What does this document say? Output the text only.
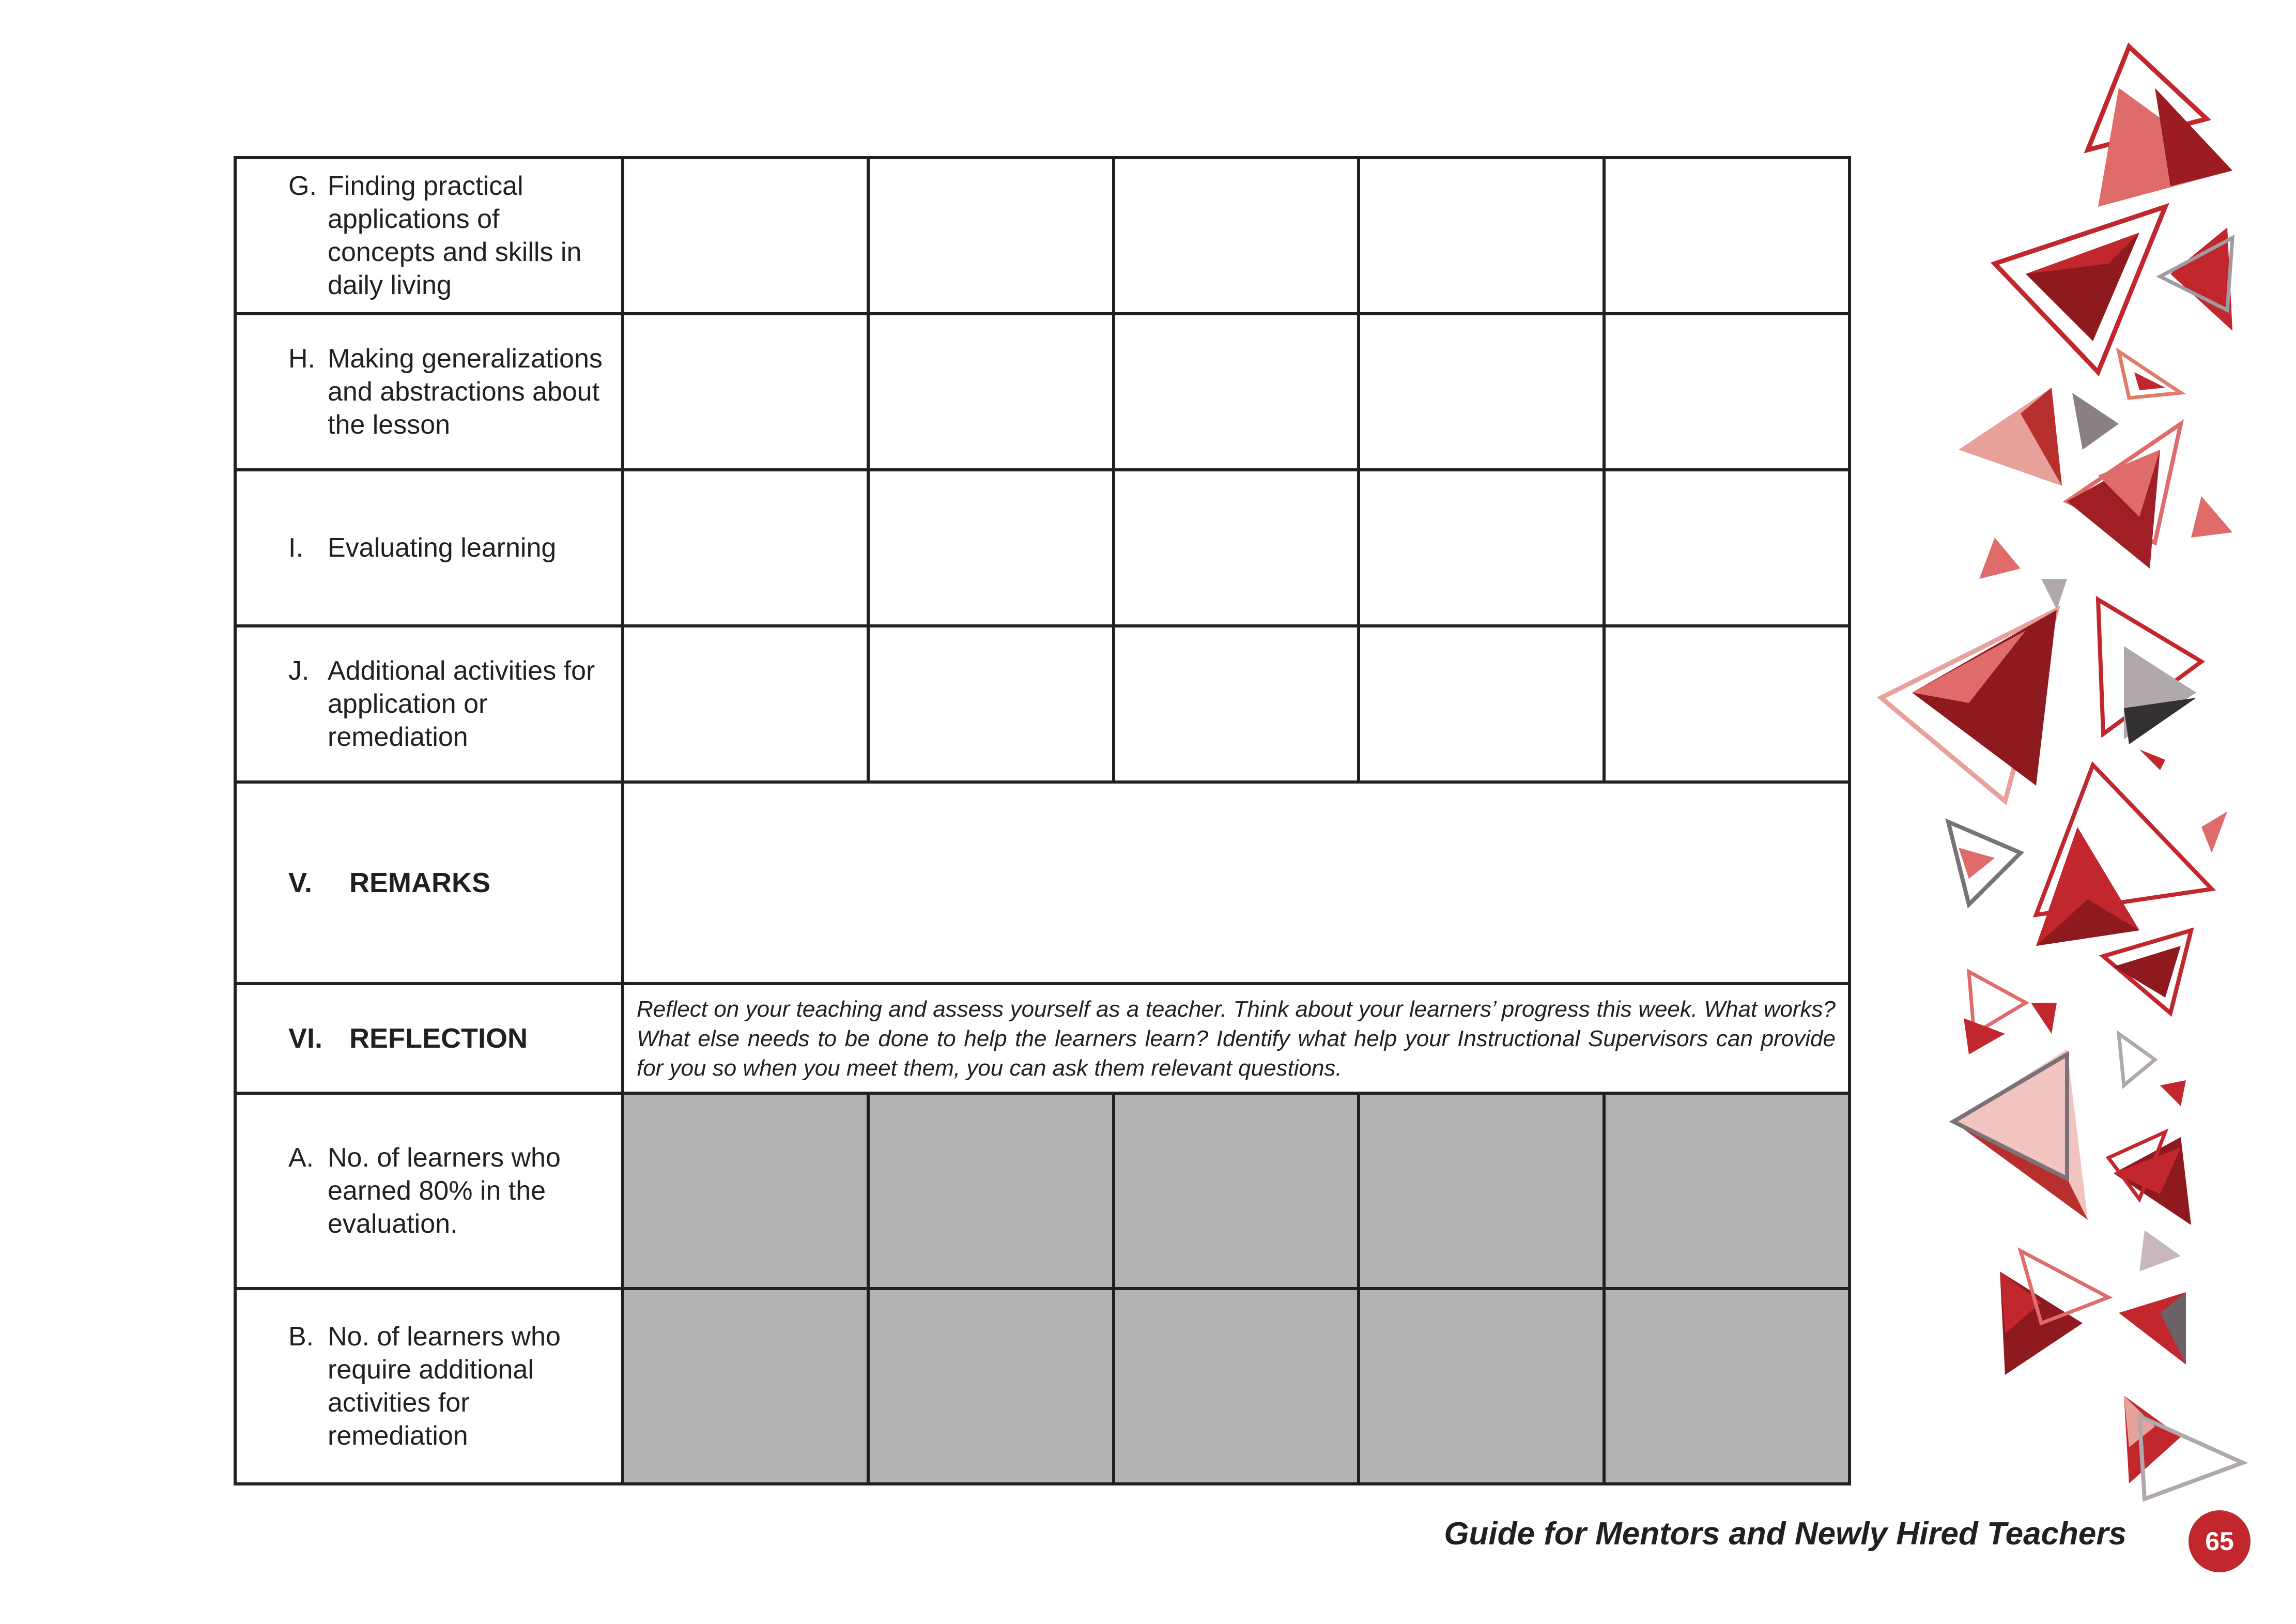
G. Finding practical applications of concepts and skills in daily living					

H. Making generalizations and abstractions about the lesson					

I. Evaluating learning					

J. Additional activities for application or remediation					

V. REMARKS					

VI. REFLECTION	Reflect on your teaching and assess yourself as a teacher. Think about your learners’ progress this week. What works? What else needs to be done to help the learners learn? Identify what help your Instructional Supervisors can provide for you so when you meet them, you can ask them relevant questions.				

A. No. of learners who earned 80% in the evaluation.					

B. No. of learners who require additional activities for remediation					

Guide for Mentors and Newly Hired Teachers	65
